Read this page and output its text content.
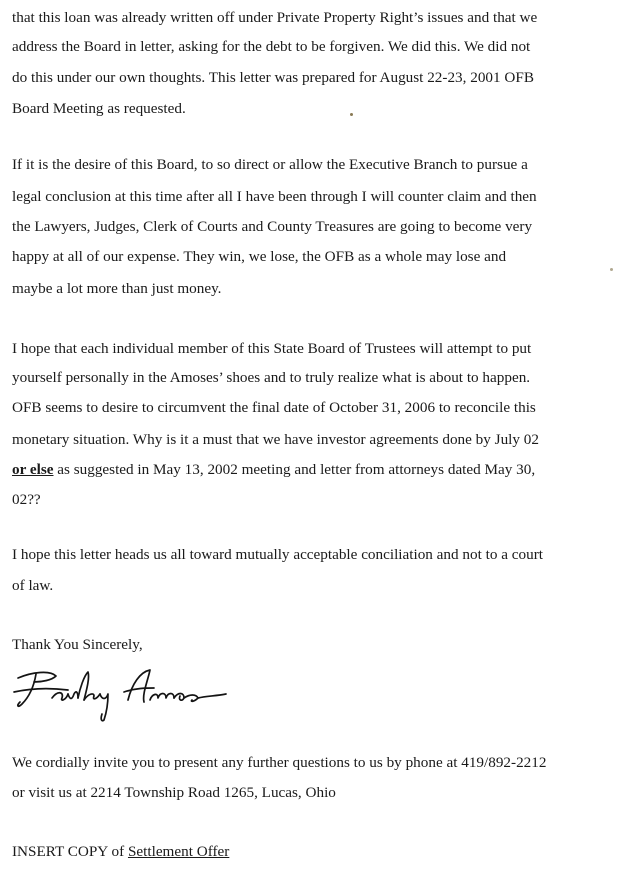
that this loan was already written off under Private Property Right’s issues and that we
address the Board in letter, asking for the debt to be forgiven. We did this. We did not
do this under our own thoughts. This letter was prepared for August 22-23, 2001 OFB
Board Meeting as requested.
If it is the desire of this Board, to so direct or allow the Executive Branch to pursue a
legal conclusion at this time after all I have been through I will counter claim and then
the Lawyers, Judges, Clerk of Courts and County Treasures are going to become very
happy at all of our expense. They win, we lose, the OFB as a whole may lose and
maybe a lot more than just money.
I hope that each individual member of this State Board of Trustees will attempt to put
yourself personally in the Amoses’ shoes and to truly realize what is about to happen.
OFB seems to desire to circumvent the final date of October 31, 2006 to reconcile this
monetary situation. Why is it a must that we have investor agreements done by July 02
or else as suggested in May 13, 2002 meeting and letter from attorneys dated May 30,
02??
I hope this letter heads us all toward mutually acceptable conciliation and not to a court
of law.
Thank You Sincerely,
We cordially invite you to present any further questions to us by phone at 419/892-2212
or visit us at 2214 Township Road 1265, Lucas, Ohio
INSERT COPY of Settlement Offer
